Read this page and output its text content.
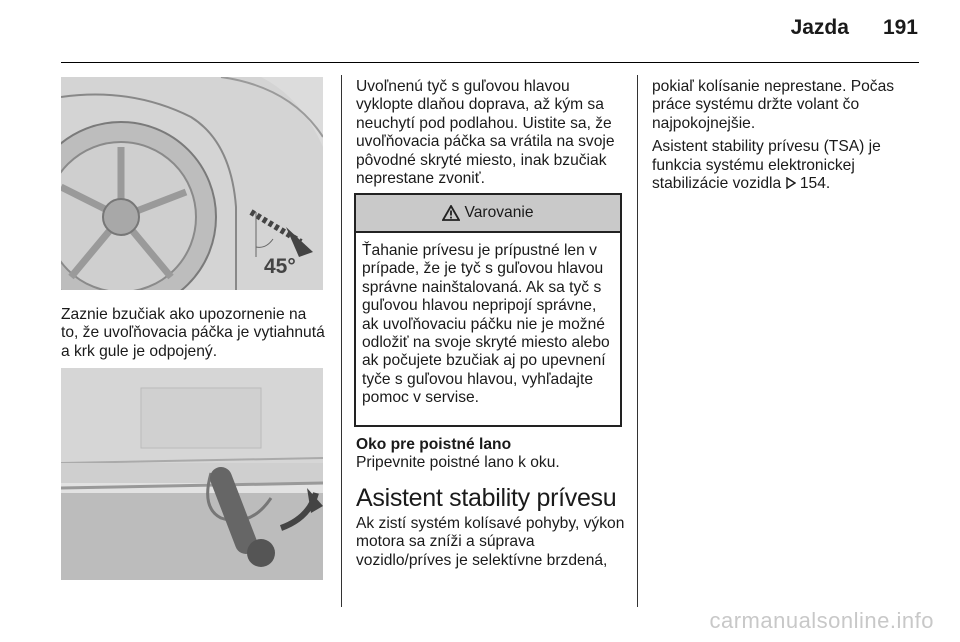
Jazda 191
45°

Zaznie bzučiak ako upozornenie na to, že uvoľňovacia páčka je vytiahnutá a krk gule je odpojený.

Uvoľnenú tyč s guľovou hlavou vyklopte dlaňou doprava, až kým sa neuchytí pod podlahou. Uistite sa, že uvoľňovacia páčka sa vrátila na svoje pôvodné skryté miesto, inak bzučiak neprestane zvoniť.

Varovanie
Ťahanie prívesu je prípustné len v prípade, že je tyč s guľovou hlavou správne nainštalovaná. Ak sa tyč s guľovou hlavou nepripojí správne, ak uvoľňovaciu páčku nie je možné odložiť na svoje skryté miesto alebo ak počujete bzučiak aj po upevnení tyče s guľovou hlavou, vyhľadajte pomoc v servise.
Oko pre poistné lano
Pripevnite poistné lano k oku.
Asistent stability prívesu
Ak zistí systém kolísavé pohyby, výkon motora sa zníži a súprava vozidlo/príves je selektívne brzdená,

pokiaľ kolísanie neprestane. Počas práce systému držte volant čo najpokojnejšie.

Asistent stability prívesu (TSA) je funkcia systému elektronickej stabilizácie vozidla 154.

carmanualsonline.info
